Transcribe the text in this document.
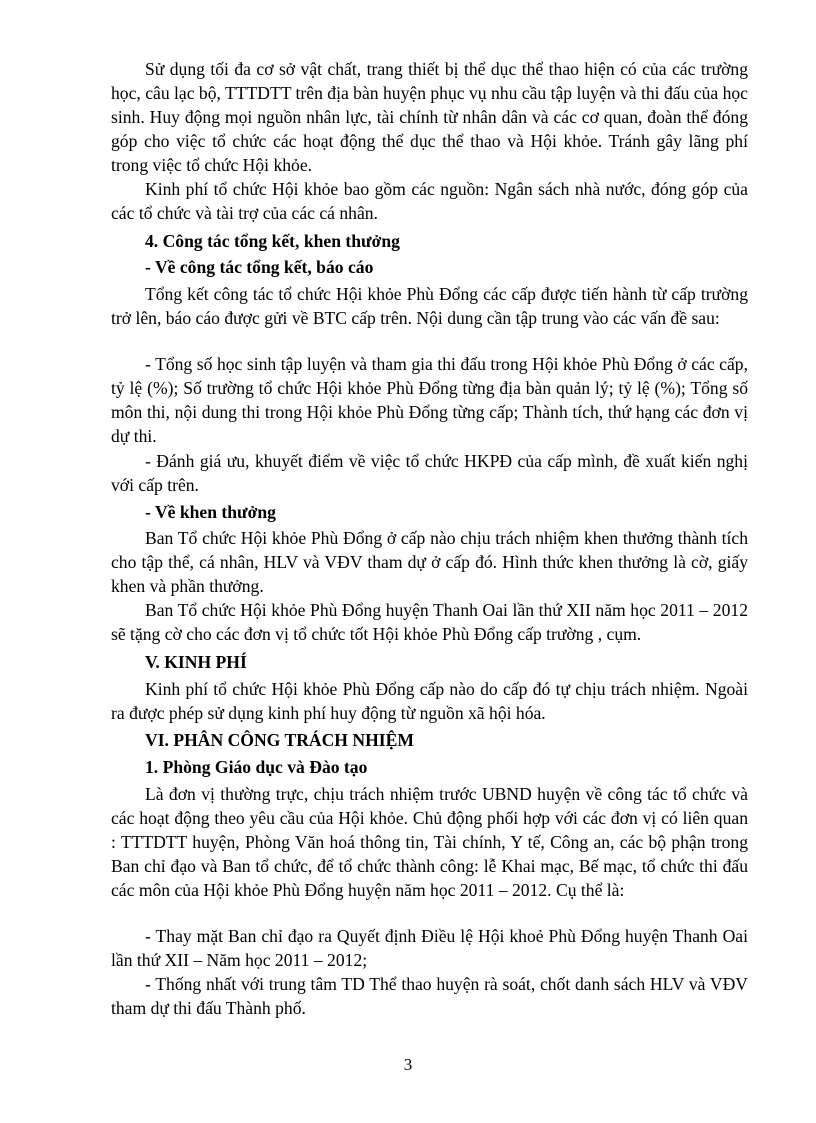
Sử dụng tối đa cơ sở vật chất, trang thiết bị thể dục thể thao hiện có của các trường học, câu lạc bộ, TTTDTT trên địa bàn huyện phục vụ nhu cầu tập luyện và thi đấu của học sinh. Huy động mọi nguồn nhân lực, tài chính từ nhân dân và các cơ quan, đoàn thể đóng góp cho việc tổ chức các hoạt động thể dục thể thao và Hội khỏe. Tránh gây lãng phí trong việc tổ chức Hội khỏe.

Kinh phí tổ chức Hội khỏe bao gồm các nguồn: Ngân sách nhà nước, đóng góp của các tổ chức và tài trợ của các cá nhân.

4. Công tác tổng kết, khen thưởng

- Về công tác tổng kết, báo cáo

Tổng kết công tác tổ chức Hội khỏe Phù Đổng các cấp được tiến hành từ cấp trường trở lên, báo cáo được gửi về BTC cấp trên. Nội dung cần tập trung vào các vấn đề sau:

- Tổng số học sinh tập luyện và tham gia thi đấu trong Hội khỏe Phù Đổng ở các cấp, tỷ lệ (%); Số trường tổ chức Hội khỏe Phù Đổng từng địa bàn quản lý; tỷ lệ (%); Tổng số môn thi, nội dung thi trong Hội khỏe Phù Đổng từng cấp; Thành tích, thứ hạng các đơn vị dự thi.

- Đánh giá ưu, khuyết điểm về việc tổ chức HKPĐ của cấp mình, đề xuất kiến nghị với cấp trên.

- Về khen thưởng

Ban Tổ chức Hội khỏe Phù Đổng ở cấp nào chịu trách nhiệm khen thưởng thành tích cho tập thể, cá nhân, HLV và VĐV tham dự ở cấp đó. Hình thức khen thưởng là cờ, giấy khen và phần thưởng.

Ban Tổ chức Hội khỏe Phù Đổng huyện Thanh Oai lần thứ XII năm học 2011 – 2012 sẽ tặng cờ cho các đơn vị tổ chức tốt Hội khỏe Phù Đổng cấp trường , cụm.

V. KINH PHÍ

Kinh phí tổ chức Hội khỏe Phù Đổng cấp nào do cấp đó tự chịu trách nhiệm. Ngoài ra được phép sử dụng kinh phí huy động từ nguồn xã hội hóa.

VI. PHÂN CÔNG TRÁCH NHIỆM

1. Phòng Giáo dục và Đào tạo

Là đơn vị thường trực, chịu trách nhiệm trước UBND huyện về công tác tổ chức và các hoạt động theo yêu cầu của Hội khỏe. Chủ động phối hợp với các đơn vị có liên quan : TTTDTT huyện, Phòng Văn hoá thông tin, Tài chính, Y tế, Công an, các bộ phận trong Ban chỉ đạo và Ban tổ chức, để tổ chức thành công: lễ Khai mạc, Bế mạc, tổ chức thi đấu các môn của Hội khỏe Phù Đổng huyện năm học 2011 – 2012. Cụ thể là:

- Thay mặt Ban chỉ đạo ra Quyết định Điều lệ Hội khoẻ Phù Đổng huyện Thanh Oai lần thứ XII – Năm học 2011 – 2012;

- Thống nhất với trung tâm TD Thể thao huyện rà soát, chốt danh sách HLV và VĐV tham dự thi đấu Thành phố.

3
